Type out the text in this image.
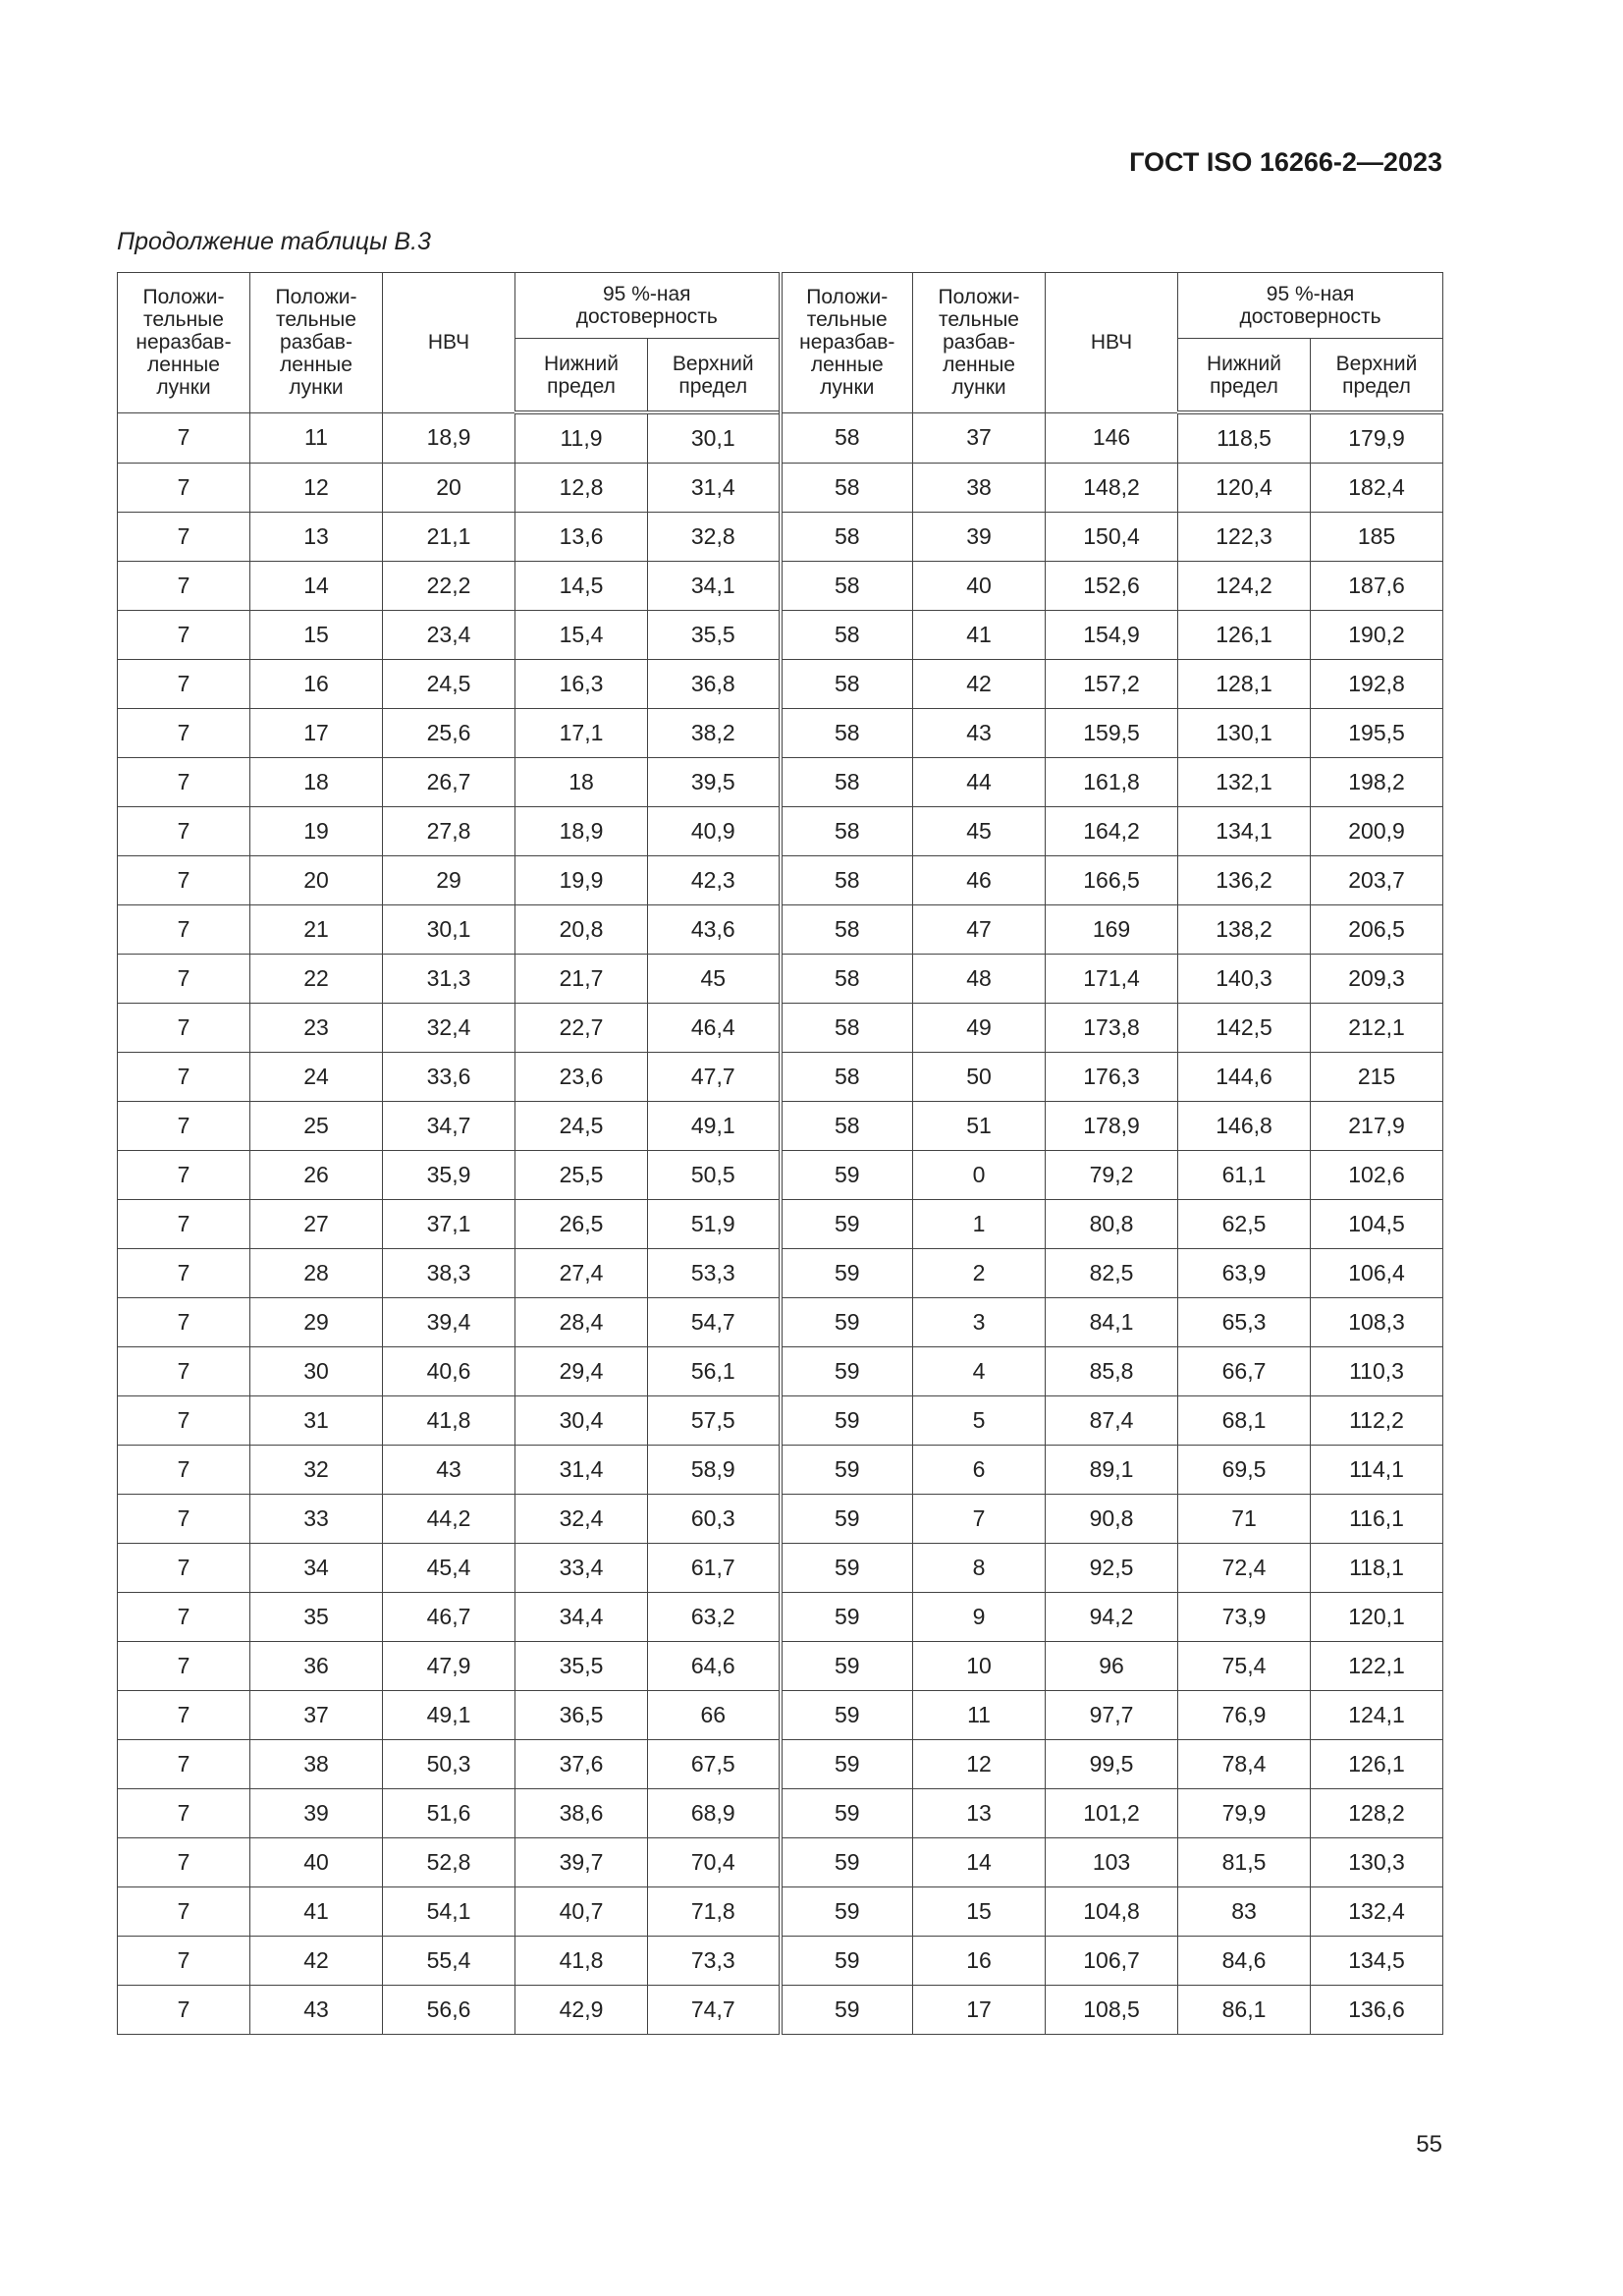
ГОСТ ISO 16266-2—2023
Продолжение таблицы В.3
Положи-
тельные
неразбав-
ленные
лунки	Положи-
тельные
разбав-
ленные
лунки	НВЧ	95 %-ная
достоверность		Положи-
тельные
неразбав-
ленные
лунки	Положи-
тельные
разбав-
ленные
лунки	НВЧ	95 %-ная
достоверность	
			Нижний
предел	Верхний
предел				Нижний
предел	Верхний
предел
7	11	18,9	11,9	30,1	58	37	146	118,5	179,9
7	12	20	12,8	31,4	58	38	148,2	120,4	182,4
7	13	21,1	13,6	32,8	58	39	150,4	122,3	185
7	14	22,2	14,5	34,1	58	40	152,6	124,2	187,6
7	15	23,4	15,4	35,5	58	41	154,9	126,1	190,2
7	16	24,5	16,3	36,8	58	42	157,2	128,1	192,8
7	17	25,6	17,1	38,2	58	43	159,5	130,1	195,5
7	18	26,7	18	39,5	58	44	161,8	132,1	198,2
7	19	27,8	18,9	40,9	58	45	164,2	134,1	200,9
7	20	29	19,9	42,3	58	46	166,5	136,2	203,7
7	21	30,1	20,8	43,6	58	47	169	138,2	206,5
7	22	31,3	21,7	45	58	48	171,4	140,3	209,3
7	23	32,4	22,7	46,4	58	49	173,8	142,5	212,1
7	24	33,6	23,6	47,7	58	50	176,3	144,6	215
7	25	34,7	24,5	49,1	58	51	178,9	146,8	217,9
7	26	35,9	25,5	50,5	59	0	79,2	61,1	102,6
7	27	37,1	26,5	51,9	59	1	80,8	62,5	104,5
7	28	38,3	27,4	53,3	59	2	82,5	63,9	106,4
7	29	39,4	28,4	54,7	59	3	84,1	65,3	108,3
7	30	40,6	29,4	56,1	59	4	85,8	66,7	110,3
7	31	41,8	30,4	57,5	59	5	87,4	68,1	112,2
7	32	43	31,4	58,9	59	6	89,1	69,5	114,1
7	33	44,2	32,4	60,3	59	7	90,8	71	116,1
7	34	45,4	33,4	61,7	59	8	92,5	72,4	118,1
7	35	46,7	34,4	63,2	59	9	94,2	73,9	120,1
7	36	47,9	35,5	64,6	59	10	96	75,4	122,1
7	37	49,1	36,5	66	59	11	97,7	76,9	124,1
7	38	50,3	37,6	67,5	59	12	99,5	78,4	126,1
7	39	51,6	38,6	68,9	59	13	101,2	79,9	128,2
7	40	52,8	39,7	70,4	59	14	103	81,5	130,3
7	41	54,1	40,7	71,8	59	15	104,8	83	132,4
7	42	55,4	41,8	73,3	59	16	106,7	84,6	134,5
7	43	56,6	42,9	74,7	59	17	108,5	86,1	136,6
55
